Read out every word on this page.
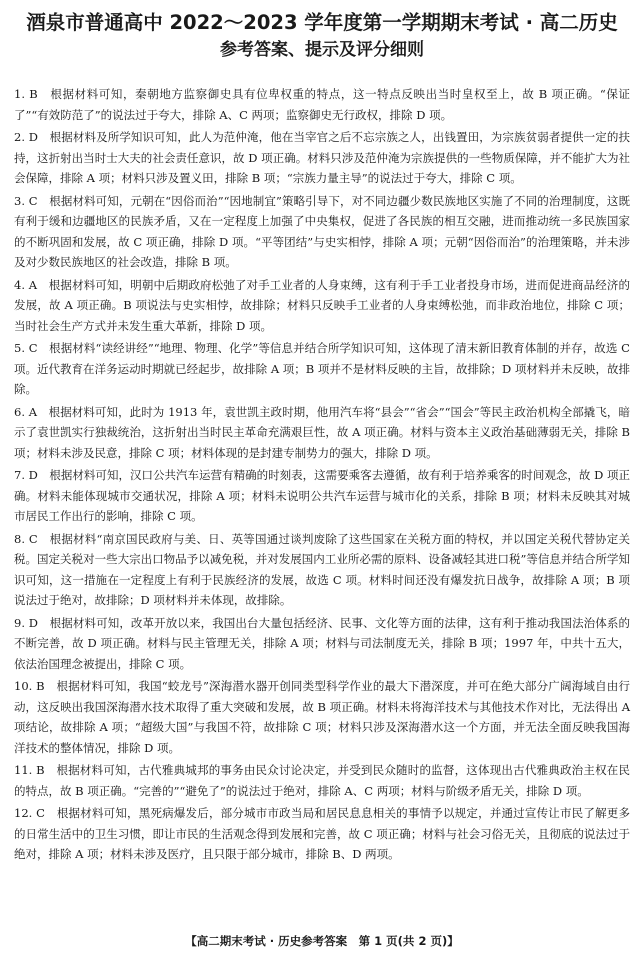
酒泉市普通高中 2022～2023 学年度第一学期期末考试 · 高二历史
参考答案、提示及评分细则

1. B　根据材料可知，秦朝地方监察御史具有位卑权重的特点，这一特点反映出当时皇权至上，故 B 项正确。“保证了”“有效防范了”的说法过于夸大，排除 A、C 两项；监察御史无行政权，排除 D 项。

2. D　根据材料及所学知识可知，此人为范仲淹，他在当宰官之后不忘宗族之人，出钱置田，为宗族贫弱者提供一定的扶持，这折射出当时士大夫的社会责任意识，故 D 项正确。材料只涉及范仲淹为宗族提供的一些物质保障，并不能扩大为社会保障，排除 A 项；材料只涉及置义田，排除 B 项；“宗族力量主导”的说法过于夸大，排除 C 项。

3. C　根据材料可知，元朝在“因俗而治”“因地制宜”策略引导下，对不同边疆少数民族地区实施了不同的治理制度，这既有利于缓和边疆地区的民族矛盾，又在一定程度上加强了中央集权，促进了各民族的相互交融，进而推动统一多民族国家的不断巩固和发展，故 C 项正确，排除 D 项。“平等团结”与史实相悖，排除 A 项；元朝“因俗而治”的治理策略，并未涉及对少数民族地区的社会改造，排除 B 项。

4. A　根据材料可知，明朝中后期政府松弛了对手工业者的人身束缚，这有利于手工业者投身市场，进而促进商品经济的发展，故 A 项正确。B 项说法与史实相悖，故排除；材料只反映手工业者的人身束缚松弛，而非政治地位，排除 C 项；当时社会生产方式并未发生重大革新，排除 D 项。

5. C　根据材料“读经讲经”“地理、物理、化学”等信息并结合所学知识可知，这体现了清末新旧教育体制的并存，故选 C 项。近代教育在洋务运动时期就已经起步，故排除 A 项；B 项并不是材料反映的主旨，故排除；D 项材料并未反映，故排除。

6. A　根据材料可知，此时为 1913 年，袁世凯主政时期，他用汽车将“县会”“省会”“国会”等民主政治机构全部撬飞，暗示了袁世凯实行独裁统治，这折射出当时民主革命充满艰巨性，故 A 项正确。材料与资本主义政治基础薄弱无关，排除 B 项；材料未涉及民意，排除 C 项；材料体现的是封建专制势力的强大，排除 D 项。

7. D　根据材料可知，汉口公共汽车运营有精确的时刻表，这需要乘客去遵循，故有利于培养乘客的时间观念，故 D 项正确。材料未能体现城市交通状况，排除 A 项；材料未说明公共汽车运营与城市化的关系，排除 B 项；材料未反映其对城市居民工作出行的影响，排除 C 项。

8. C　根据材料“南京国民政府与美、日、英等国通过谈判废除了这些国家在关税方面的特权，并以国定关税代替协定关税。国定关税对一些大宗出口物品予以减免税，并对发展国内工业所必需的原料、设备减轻其进口税”等信息并结合所学知识可知，这一措施在一定程度上有利于民族经济的发展，故选 C 项。材料时间还没有爆发抗日战争，故排除 A 项；B 项说法过于绝对，故排除；D 项材料并未体现，故排除。

9. D　根据材料可知，改革开放以来，我国出台大量包括经济、民事、文化等方面的法律，这有利于推动我国法治体系的不断完善，故 D 项正确。材料与民主管理无关，排除 A 项；材料与司法制度无关，排除 B 项；1997 年，中共十五大，依法治国理念被提出，排除 C 项。

10. B　根据材料可知，我国“蛟龙号”深海潜水器开创同类型科学作业的最大下潜深度，并可在绝大部分广阔海域自由行动，这反映出我国深海潜水技术取得了重大突破和发展，故 B 项正确。材料未将海洋技术与其他技术作对比，无法得出 A 项结论，故排除 A 项；“超级大国”与我国不符，故排除 C 项；材料只涉及深海潜水这一个方面，并无法全面反映我国海洋技术的整体情况，排除 D 项。

11. B　根据材料可知，古代雅典城邦的事务由民众讨论决定，并受到民众随时的监督，这体现出古代雅典政治主权在民的特点，故 B 项正确。“完善的”“避免了”的说法过于绝对，排除 A、C 两项；材料与阶级矛盾无关，排除 D 项。

12. C　根据材料可知，黑死病爆发后，部分城市市政当局和居民息息相关的事情予以规定，并通过宣传让市民了解更多的日常生活中的卫生习惯，即让市民的生活观念得到发展和完善，故 C 项正确；材料与社会习俗无关，且彻底的说法过于绝对，排除 A 项；材料未涉及医疗，且只限于部分城市，排除 B、D 两项。

【高二期末考试 · 历史参考答案　第 1 页(共 2 页)】
